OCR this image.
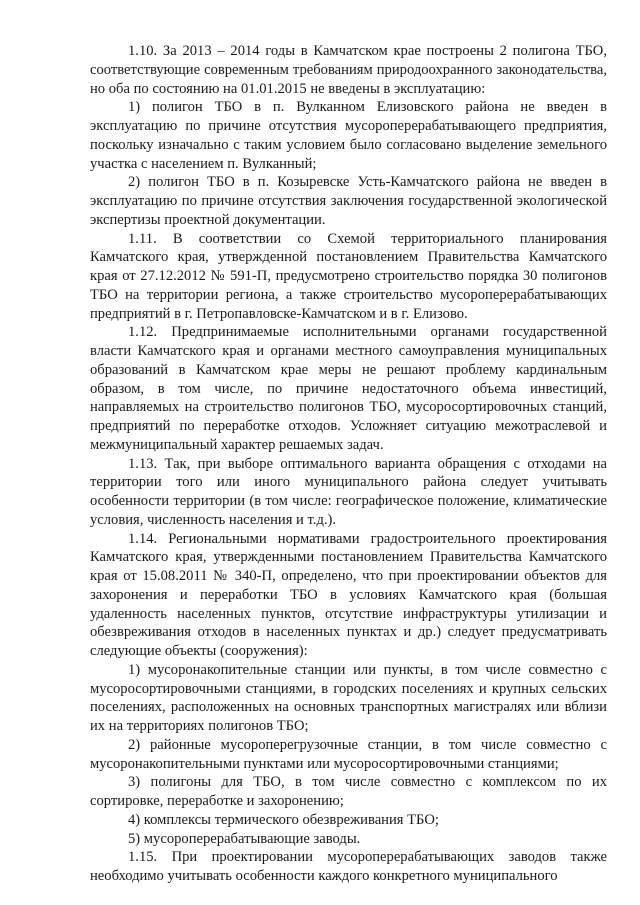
1.10. За 2013 – 2014 годы в Камчатском крае построены 2 полигона ТБО, соответствующие современным требованиям природоохранного законодательства, но оба по состоянию на 01.01.2015 не введены в эксплуатацию:

1) полигон ТБО в п. Вулканном Елизовского района не введен в эксплуатацию по причине отсутствия мусороперерабатывающего предприятия, поскольку изначально с таким условием было согласовано выделение земельного участка с населением п. Вулканный;

2) полигон ТБО в п. Козыревске Усть-Камчатского района не введен в эксплуатацию по причине отсутствия заключения государственной экологической экспертизы проектной документации.

1.11. В соответствии со Схемой территориального планирования Камчатского края, утвержденной постановлением Правительства Камчатского края от 27.12.2012 № 591-П, предусмотрено строительство порядка 30 полигонов ТБО на территории региона, а также строительство мусороперерабатывающих предприятий в г. Петропавловске-Камчатском и в г. Елизово.

1.12. Предпринимаемые исполнительными органами государственной власти Камчатского края и органами местного самоуправления муниципальных образований в Камчатском крае меры не решают проблему кардинальным образом, в том числе, по причине недостаточного объема инвестиций, направляемых на строительство полигонов ТБО, мусоросортировочных станций, предприятий по переработке отходов. Усложняет ситуацию межотраслевой и межмуниципальный характер решаемых задач.

1.13. Так, при выборе оптимального варианта обращения с отходами на территории того или иного муниципального района следует учитывать особенности территории (в том числе: географическое положение, климатические условия, численность населения и т.д.).

1.14. Региональными нормативами градостроительного проектирования Камчатского края, утвержденными постановлением Правительства Камчатского края от 15.08.2011 № 340-П, определено, что при проектировании объектов для захоронения и переработки ТБО в условиях Камчатского края (большая удаленность населенных пунктов, отсутствие инфраструктуры утилизации и обезвреживания отходов в населенных пунктах и др.) следует предусматривать следующие объекты (сооружения):

1) мусоронакопительные станции или пункты, в том числе совместно с мусоросортировочными станциями, в городских поселениях и крупных сельских поселениях, расположенных на основных транспортных магистралях или вблизи их на территориях полигонов ТБО;

2) районные мусороперегрузочные станции, в том числе совместно с мусоронакопительными пунктами или мусоросортировочными станциями;

3) полигоны для ТБО, в том числе совместно с комплексом по их сортировке, переработке и захоронению;

4) комплексы термического обезвреживания ТБО;

5) мусороперерабатывающие заводы.

1.15. При проектировании мусороперерабатывающих заводов также необходимо учитывать особенности каждого конкретного муниципального
